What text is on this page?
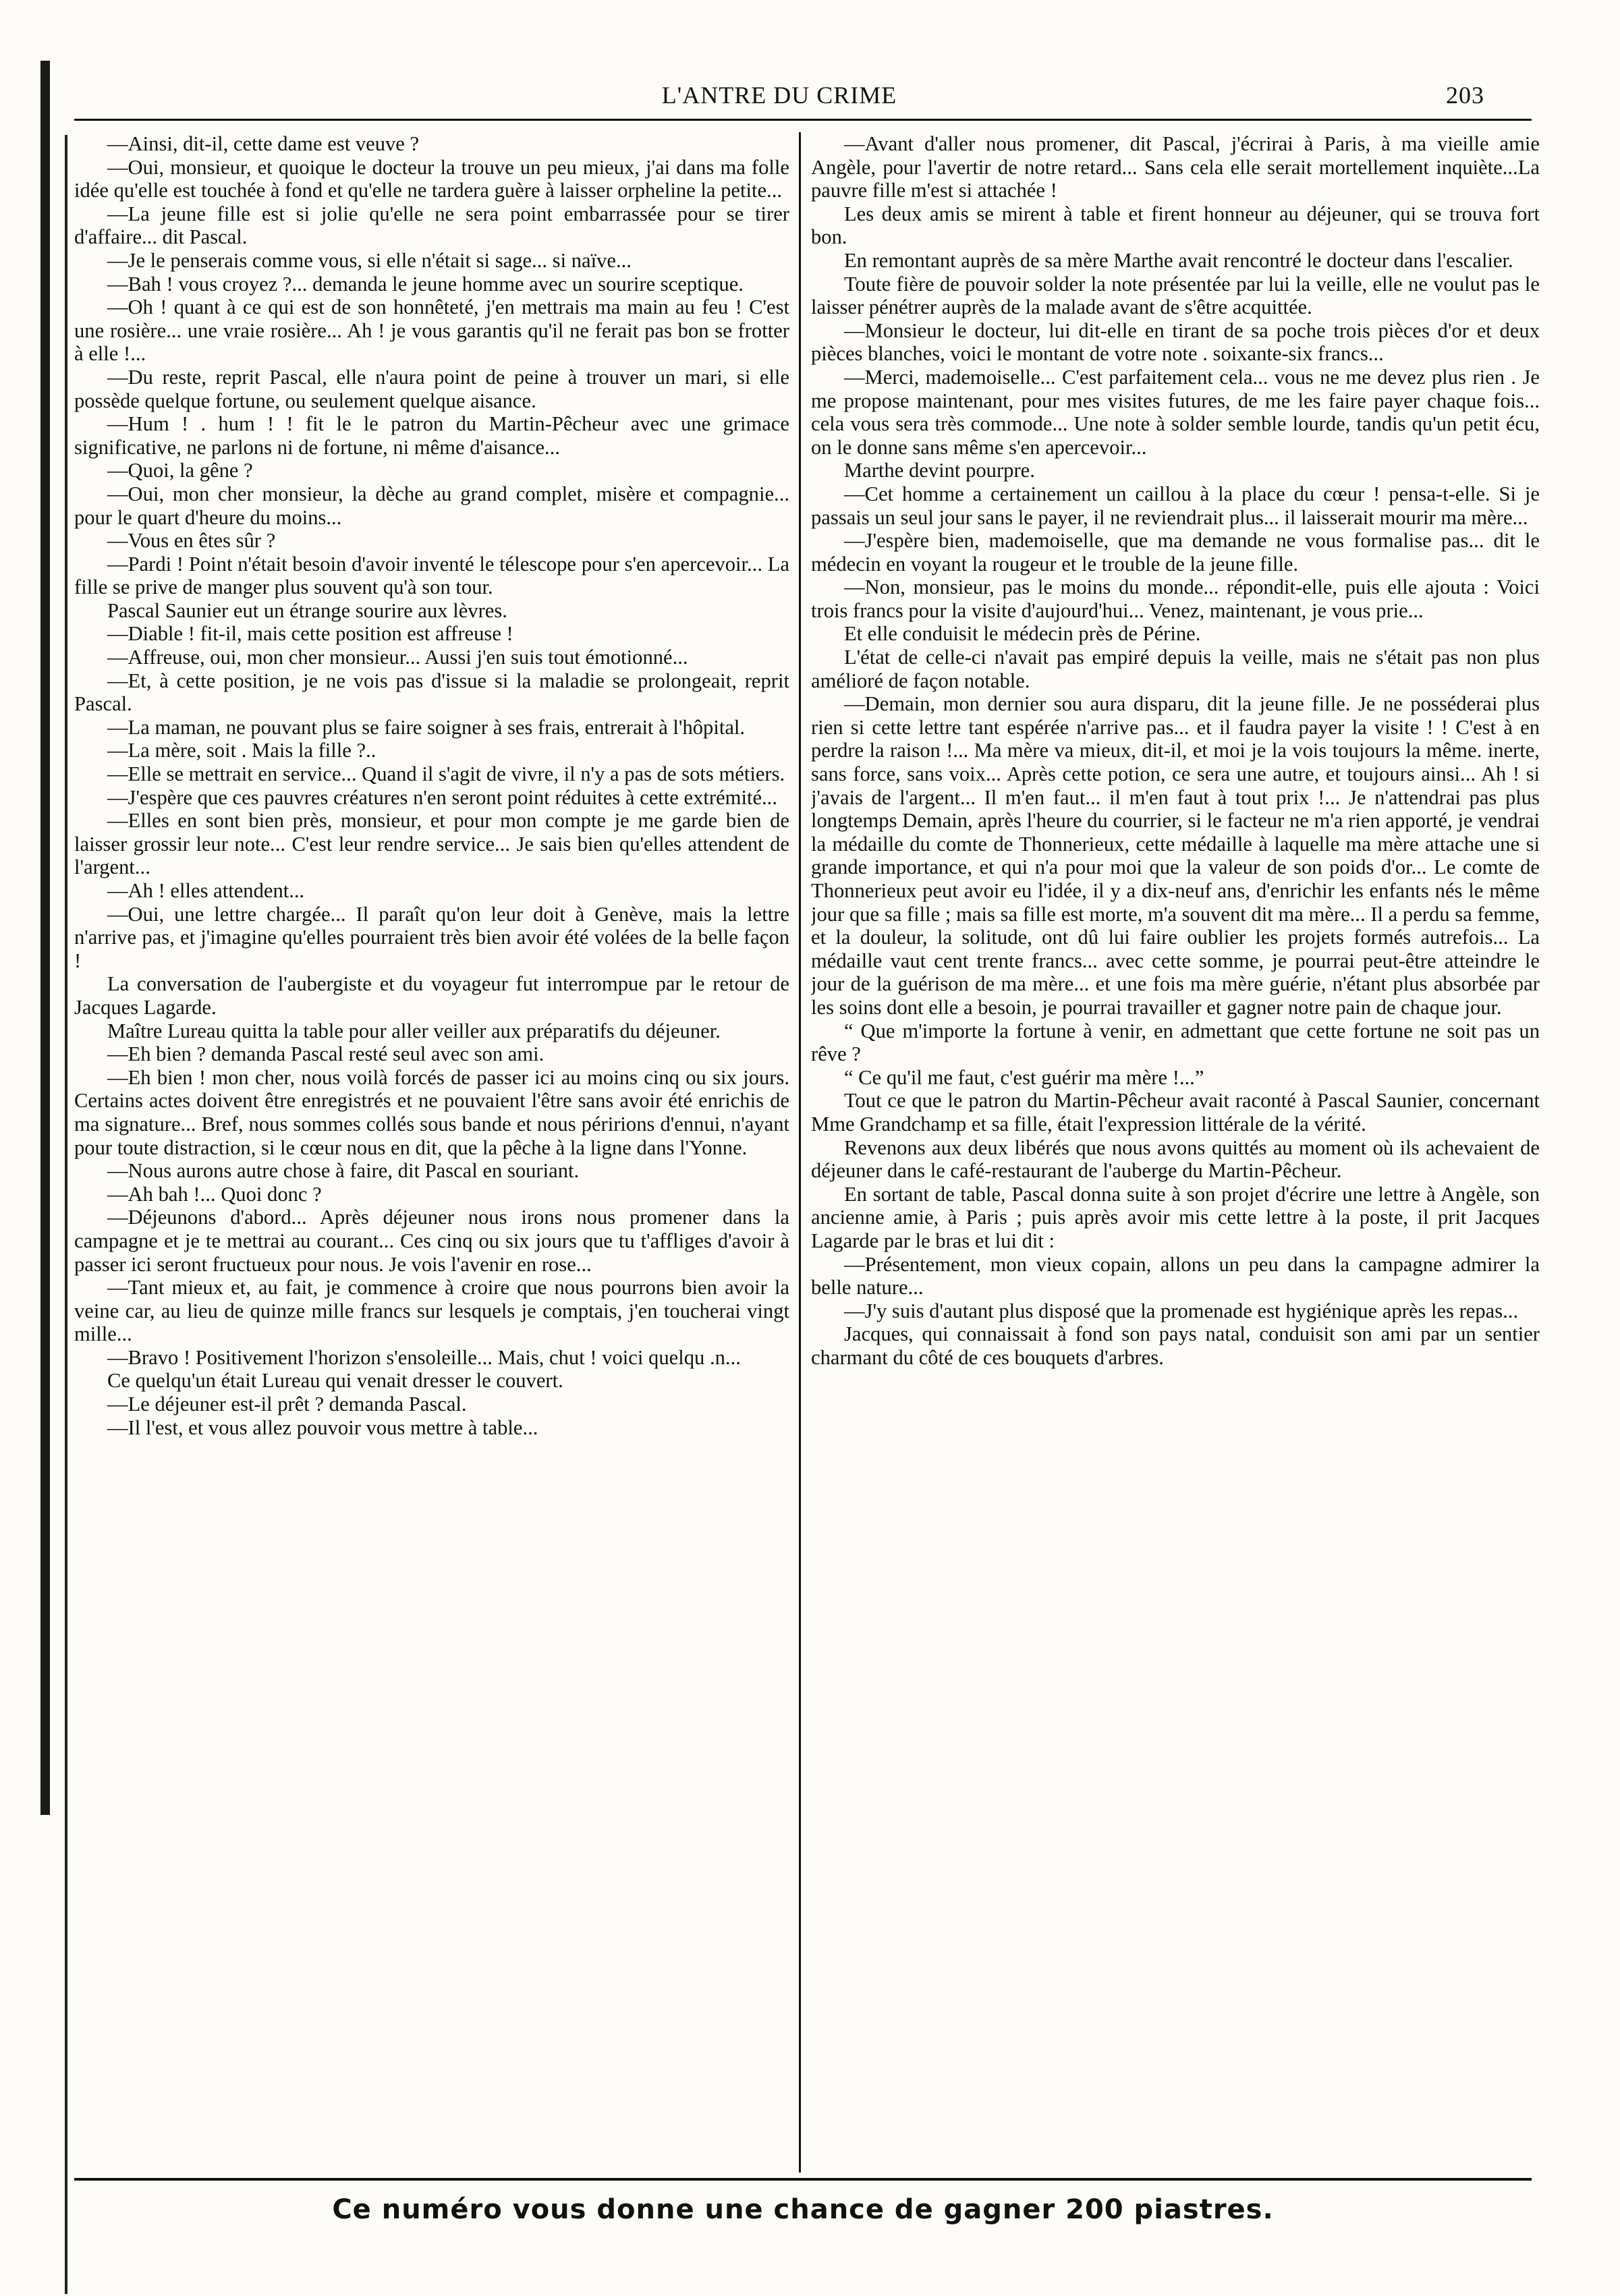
L'ANTRE DU CRIME	203

—Ainsi, dit-il, cette dame est veuve ?

—Oui, monsieur, et quoique le docteur la trouve un peu mieux, j'ai dans ma folle idée qu'elle est touchée à fond et qu'elle ne tardera guère à laisser orpheline la petite...

—La jeune fille est si jolie qu'elle ne sera point embarrassée pour se tirer d'affaire... dit Pascal.

—Je le penserais comme vous, si elle n'était si sage... si naïve...

—Bah ! vous croyez ?... demanda le jeune homme avec un sourire sceptique.

—Oh ! quant à ce qui est de son honnêteté, j'en mettrais ma main au feu ! C'est une rosière... une vraie rosière... Ah ! je vous garantis qu'il ne ferait pas bon se frotter à elle !...

—Du reste, reprit Pascal, elle n'aura point de peine à trouver un mari, si elle possède quelque fortune, ou seulement quelque aisance.

—Hum ! . hum ! ! fit le le patron du Martin-Pêcheur avec une grimace significative, ne parlons ni de fortune, ni même d'aisance...

—Quoi, la gêne ?

—Oui, mon cher monsieur, la dèche au grand complet, misère et compagnie... pour le quart d'heure du moins...

—Vous en êtes sûr ?

—Pardi ! Point n'était besoin d'avoir inventé le télescope pour s'en apercevoir... La fille se prive de manger plus souvent qu'à son tour.

Pascal Saunier eut un étrange sourire aux lèvres.

—Diable ! fit-il, mais cette position est affreuse !

—Affreuse, oui, mon cher monsieur... Aussi j'en suis tout émotionné...

—Et, à cette position, je ne vois pas d'issue si la maladie se prolongeait, reprit Pascal.

—La maman, ne pouvant plus se faire soigner à ses frais, entrerait à l'hôpital.

—La mère, soit . Mais la fille ?..

—Elle se mettrait en service... Quand il s'agit de vivre, il n'y a pas de sots métiers.

—J'espère que ces pauvres créatures n'en seront point réduites à cette extrémité...

—Elles en sont bien près, monsieur, et pour mon compte je me garde bien de laisser grossir leur note... C'est leur rendre service... Je sais bien qu'elles attendent de l'argent...

—Ah ! elles attendent...

—Oui, une lettre chargée... Il paraît qu'on leur doit à Genève, mais la lettre n'arrive pas, et j'imagine qu'elles pourraient très bien avoir été volées de la belle façon !

La conversation de l'aubergiste et du voyageur fut interrompue par le retour de Jacques Lagarde.

Maître Lureau quitta la table pour aller veiller aux préparatifs du déjeuner.

—Eh bien ? demanda Pascal resté seul avec son ami.

—Eh bien ! mon cher, nous voilà forcés de passer ici au moins cinq ou six jours. Certains actes doivent être enregistrés et ne pouvaient l'être sans avoir été enrichis de ma signature... Bref, nous sommes collés sous bande et nous péririons d'ennui, n'ayant pour toute distraction, si le cœur nous en dit, que la pêche à la ligne dans l'Yonne.

—Nous aurons autre chose à faire, dit Pascal en souriant.

—Ah bah !... Quoi donc ?

—Déjeunons d'abord... Après déjeuner nous irons nous promener dans la campagne et je te mettrai au courant... Ces cinq ou six jours que tu t'affliges d'avoir à passer ici seront fructueux pour nous. Je vois l'avenir en rose...

—Tant mieux et, au fait, je commence à croire que nous pourrons bien avoir la veine car, au lieu de quinze mille francs sur lesquels je comptais, j'en toucherai vingt mille...

—Bravo ! Positivement l'horizon s'ensoleille... Mais, chut ! voici quelqu .n...

Ce quelqu'un était Lureau qui venait dresser le couvert.

—Le déjeuner est-il prêt ? demanda Pascal.

—Il l'est, et vous allez pouvoir vous mettre à table...

—Avant d'aller nous promener, dit Pascal, j'écrirai à Paris, à ma vieille amie Angèle, pour l'avertir de notre retard... Sans cela elle serait mortellement inquiète...La pauvre fille m'est si attachée !

Les deux amis se mirent à table et firent honneur au déjeuner, qui se trouva fort bon.

En remontant auprès de sa mère Marthe avait rencontré le docteur dans l'escalier.

Toute fière de pouvoir solder la note présentée par lui la veille, elle ne voulut pas le laisser pénétrer auprès de la malade avant de s'être acquittée.

—Monsieur le docteur, lui dit-elle en tirant de sa poche trois pièces d'or et deux pièces blanches, voici le montant de votre note . soixante-six francs...

—Merci, mademoiselle... C'est parfaitement cela... vous ne me devez plus rien . Je me propose maintenant, pour mes visites futures, de me les faire payer chaque fois... cela vous sera très commode... Une note à solder semble lourde, tandis qu'un petit écu, on le donne sans même s'en apercevoir...

Marthe devint pourpre.

—Cet homme a certainement un caillou à la place du cœur ! pensa-t-elle. Si je passais un seul jour sans le payer, il ne reviendrait plus... il laisserait mourir ma mère...

—J'espère bien, mademoiselle, que ma demande ne vous formalise pas... dit le médecin en voyant la rougeur et le trouble de la jeune fille.

—Non, monsieur, pas le moins du monde... répondit-elle, puis elle ajouta : Voici trois francs pour la visite d'aujourd'hui... Venez, maintenant, je vous prie...

Et elle conduisit le médecin près de Périne.

L'état de celle-ci n'avait pas empiré depuis la veille, mais ne s'était pas non plus amélioré de façon notable.

—Demain, mon dernier sou aura disparu, dit la jeune fille. Je ne posséderai plus rien si cette lettre tant espérée n'arrive pas... et il faudra payer la visite ! ! C'est à en perdre la raison !... Ma mère va mieux, dit-il, et moi je la vois toujours la même. inerte, sans force, sans voix... Après cette potion, ce sera une autre, et toujours ainsi... Ah ! si j'avais de l'argent... Il m'en faut... il m'en faut à tout prix !... Je n'attendrai pas plus longtemps Demain, après l'heure du courrier, si le facteur ne m'a rien apporté, je vendrai la médaille du comte de Thonnerieux, cette médaille à laquelle ma mère attache une si grande importance, et qui n'a pour moi que la valeur de son poids d'or... Le comte de Thonnerieux peut avoir eu l'idée, il y a dix-neuf ans, d'enrichir les enfants nés le même jour que sa fille ; mais sa fille est morte, m'a souvent dit ma mère... Il a perdu sa femme, et la douleur, la solitude, ont dû lui faire oublier les projets formés autrefois... La médaille vaut cent trente francs... avec cette somme, je pourrai peut-être atteindre le jour de la guérison de ma mère... et une fois ma mère guérie, n'étant plus absorbée par les soins dont elle a besoin, je pourrai travailler et gagner notre pain de chaque jour.

“ Que m'importe la fortune à venir, en admettant que cette fortune ne soit pas un rêve ?

“ Ce qu'il me faut, c'est guérir ma mère !...”

Tout ce que le patron du Martin-Pêcheur avait raconté à Pascal Saunier, concernant Mme Grandchamp et sa fille, était l'expression littérale de la vérité.

Revenons aux deux libérés que nous avons quittés au moment où ils achevaient de déjeuner dans le café-restaurant de l'auberge du Martin-Pêcheur.

En sortant de table, Pascal donna suite à son projet d'écrire une lettre à Angèle, son ancienne amie, à Paris ; puis après avoir mis cette lettre à la poste, il prit Jacques Lagarde par le bras et lui dit :

—Présentement, mon vieux copain, allons un peu dans la campagne admirer la belle nature...

—J'y suis d'autant plus disposé que la promenade est hygiénique après les repas...

Jacques, qui connaissait à fond son pays natal, conduisit son ami par un sentier charmant du côté de ces bouquets d'arbres.

Ce numéro vous donne une chance de gagner 200 piastres.
